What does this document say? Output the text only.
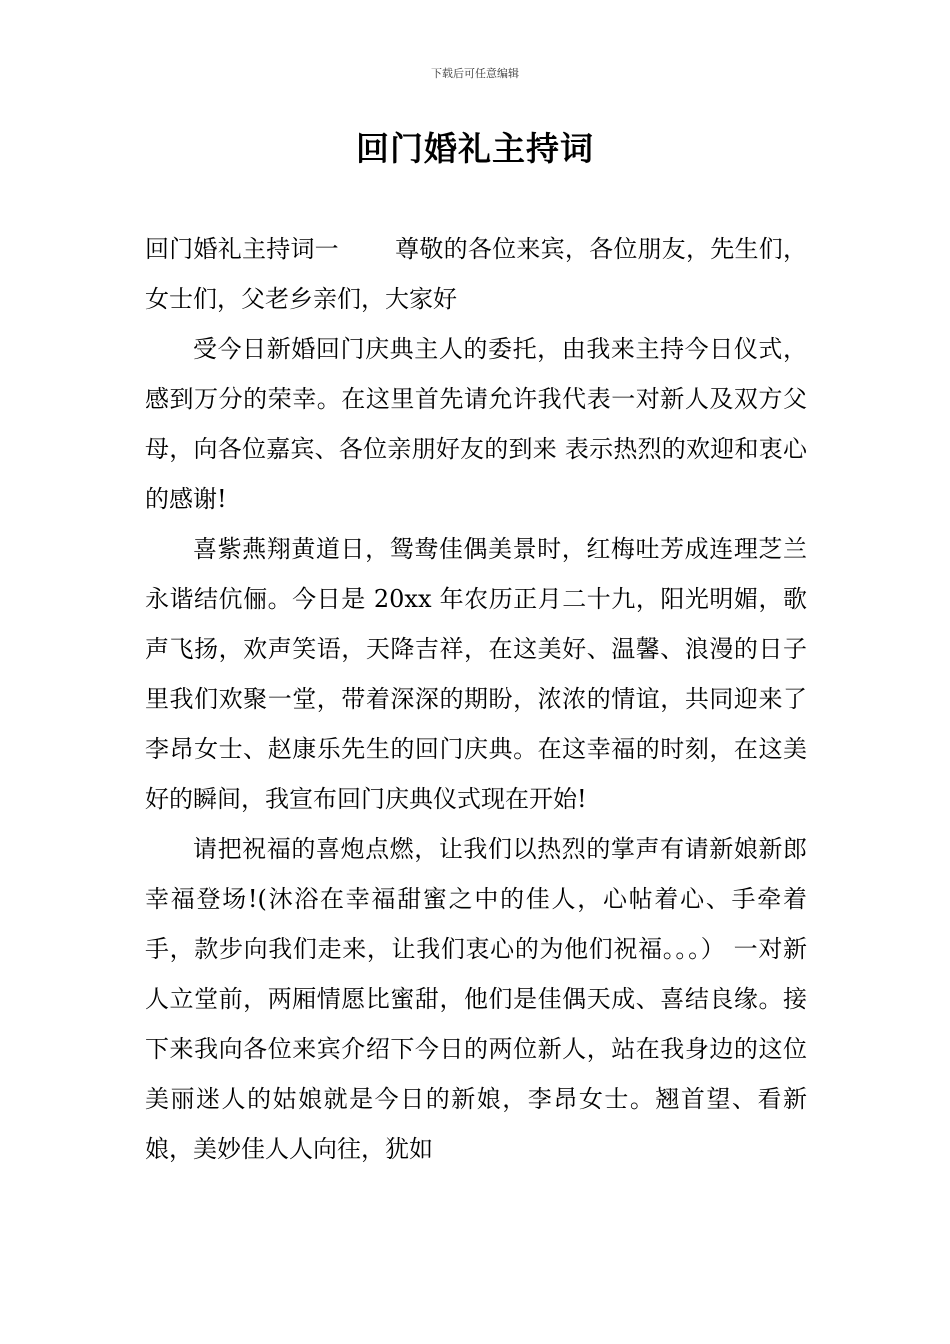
下载后可任意编辑
回门婚礼主持词

回门婚礼主持词一 尊敬的各位来宾，各位朋友，先生们，女士们，父老乡亲们，大家好

受今日新婚回门庆典主人的委托，由我来主持今日仪式，感到万分的荣幸。在这里首先请允许我代表一对新人及双方父母，向各位嘉宾、各位亲朋好友的到来 表示热烈的欢迎和衷心的感谢!

喜紫燕翔黄道日，鸳鸯佳偶美景时，红梅吐芳成连理芝兰永谐结伉俪。今日是 20xx 年农历正月二十九，阳光明媚，歌声飞扬，欢声笑语，天降吉祥，在这美好、温馨、浪漫的日子里我们欢聚一堂，带着深深的期盼，浓浓的情谊，共同迎来了 李昂女士、赵康乐先生的回门庆典。在这幸福的时刻，在这美好的瞬间，我宣布回门庆典仪式现在开始!

请把祝福的喜炮点燃，让我们以热烈的掌声有请新娘新郎幸福登场!(沐浴在幸福甜蜜之中的佳人，心帖着心、手牵着手，款步向我们走来，让我们衷心的为他们祝福。。。） 一对新人立堂前，两厢情愿比蜜甜，他们是佳偶天成、喜结良缘。接下来我向各位来宾介绍下今日的两位新人，站在我身边的这位美丽迷人的姑娘就是今日的新娘，李昂女士。翘首望、看新娘，美妙佳人人向往，犹如
